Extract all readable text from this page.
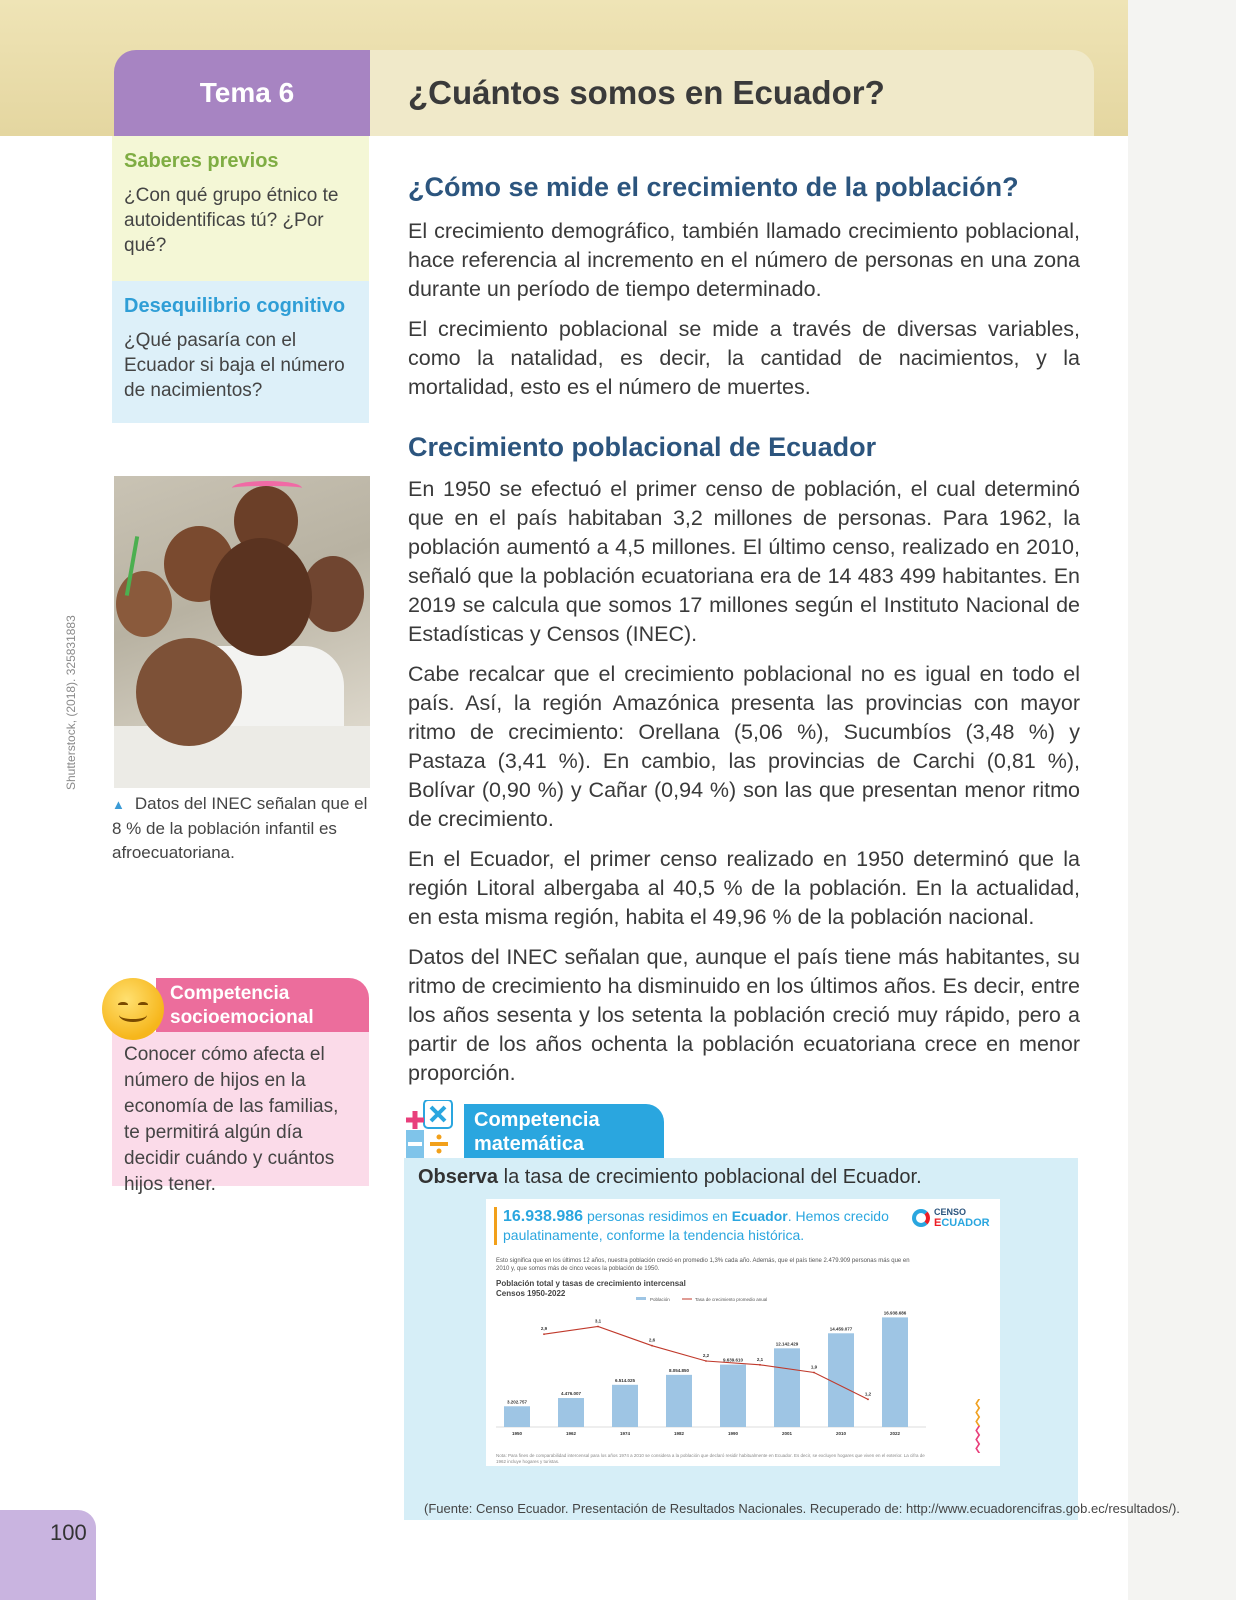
Tema 6	¿Cuántos somos en Ecuador?
Saberes previos
¿Con qué grupo étnico te autoidentificas tú? ¿Por qué?
Desequilibrio cognitivo
¿Qué pasaría con el Ecuador si baja el número de nacimientos?
Shutterstock, (2018). 325831883
▲ Datos del INEC señalan que el 8 % de la población infantil es afroecuatoriana.
Competencia
socioemocional
Conocer cómo afecta el número de hijos en la economía de las familias, te permitirá algún día decidir cuándo y cuántos hijos tener.
100
¿Cómo se mide el crecimiento de la población?
El crecimiento demográfico, también llamado crecimiento poblacional, hace referencia al incremento en el número de personas en una zona durante un período de tiempo determinado.
El crecimiento poblacional se mide a través de diversas variables, como la natalidad, es decir, la cantidad de nacimientos, y la mortalidad, esto es el número de muertes.
Crecimiento poblacional de Ecuador
En 1950 se efectuó el primer censo de población, el cual determinó que en el país habitaban 3,2 millones de personas. Para 1962, la población aumentó a 4,5 millones. El último censo, realizado en 2010, señaló que la población ecuatoriana era de 14 483 499 habitantes. En 2019 se calcula que somos 17 millones según el Instituto Nacional de Estadísticas y Censos (INEC).
Cabe recalcar que el crecimiento poblacional no es igual en todo el país. Así, la región Amazónica presenta las provincias con mayor ritmo de crecimiento: Orellana (5,06 %), Sucumbíos (3,48 %) y Pastaza (3,41 %). En cambio, las provincias de Carchi (0,81 %), Bolívar (0,90 %) y Cañar (0,94 %) son las que presentan menor ritmo de crecimiento.
En el Ecuador, el primer censo realizado en 1950 determinó que la región Litoral albergaba al 40,5 % de la población. En la actualidad, en esta misma región, habita el 49,96 % de la población nacional.
Datos del INEC señalan que, aunque el país tiene más habitantes, su ritmo de crecimiento ha disminuido en los últimos años. Es decir, entre los años sesenta y los setenta la población creció muy rápido, pero a partir de los años ochenta la población ecuatoriana crece en menor proporción.
Competencia
matemática
Observa la tasa de crecimiento poblacional del Ecuador.
16.938.986 personas residimos en Ecuador. Hemos crecido paulatinamente, conforme la tendencia histórica.
CENSO
ECUADOR
Esto significa que en los últimos 12 años, nuestra población creció en promedio 1,3% cada año. Además, que el país tiene 2.479.909 personas más que en 2010 y, que somos más de cinco veces la población de 1950.
Población total y tasas de crecimiento intercensal
Censos 1950-2022
Población	Tasa de crecimiento promedio anual
3.202.757
1950
4.476.007
1962
6.514.025
1974
8.054.850
1982
9.639.610
1990
12.142.429
2001
14.459.077
2010
16.938.686
2022
2,9
3,1
2,6
2,2
2,1
1,9
1,2
❮
❮
❮
❮
❮
❮
Nota: Para fines de comparabilidad intercensal para los años 1974 a 2010 se considera a la población que declaró residir habitualmente en Ecuador. Es decir, se excluyen hogares que viven en el exterior. La cifra de 1962 incluye hogares y turistas.
(Fuente: Censo Ecuador. Presentación de Resultados Nacionales. Recuperado de: http://www.ecuadorencifras.gob.ec/resultados/).
